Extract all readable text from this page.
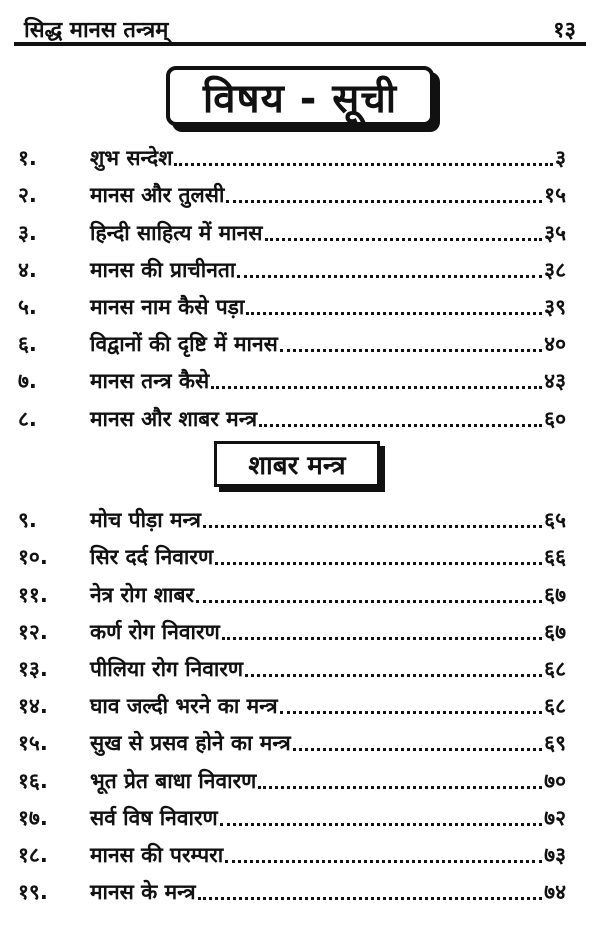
सिद्ध मानस तन्त्रम्	१३
विषय - सूची
१.	शुभ सन्देश	३
२.	मानस और तुलसी	१५
३.	हिन्दी साहित्य में मानस	३५
४.	मानस की प्राचीनता	३८
५.	मानस नाम कैसे पड़ा	३९
६.	विद्वानों की दृष्टि में मानस	४०
७.	मानस तन्त्र कैसे	४३
८.	मानस और शाबर मन्त्र	६०
शाबर मन्त्र
९.	मोच पीड़ा मन्त्र	६५
१०.	सिर दर्द निवारण	६६
११.	नेत्र रोग शाबर	६७
१२.	कर्ण रोग निवारण	६७
१३.	पीलिया रोग निवारण	६८
१४.	घाव जल्दी भरने का मन्त्र	६८
१५.	सुख से प्रसव होने का मन्त्र	६९
१६.	भूत प्रेत बाधा निवारण	७०
१७.	सर्व विष निवारण	७२
१८.	मानस की परम्परा	७३
१९.	मानस के मन्त्र	७४
